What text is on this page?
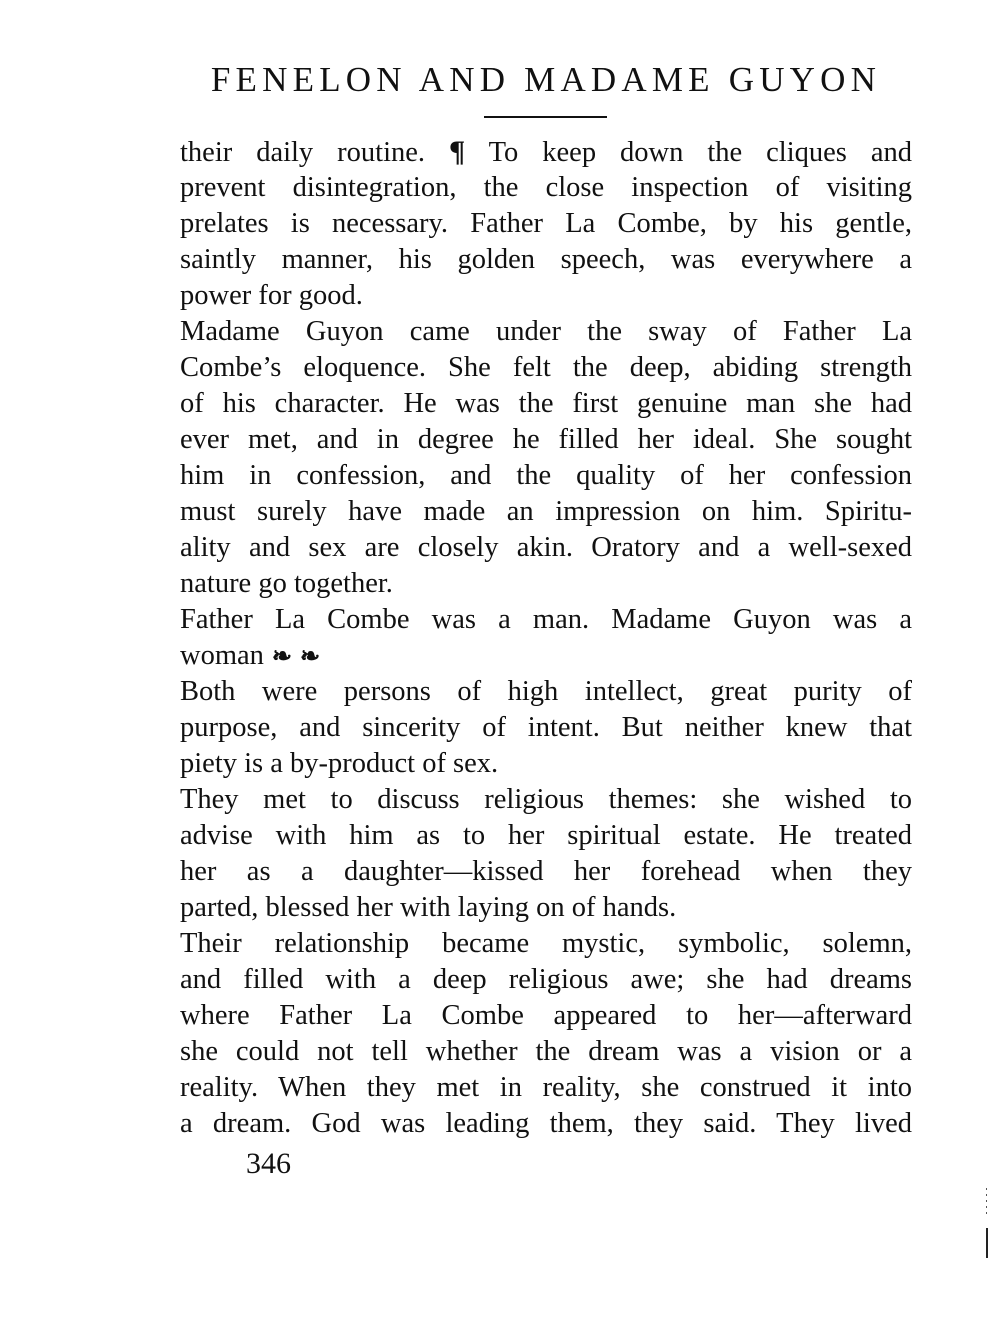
FENELON AND MADAME GUYON
their daily routine. ¶ To keep down the cliques and
prevent disintegration, the close inspection of visiting
prelates is necessary. Father La Combe, by his gentle,
saintly manner, his golden speech, was everywhere a
power for good.
Madame Guyon came under the sway of Father La
Combe’s eloquence. She felt the deep, abiding strength
of his character. He was the first genuine man she had
ever met, and in degree he filled her ideal. She sought
him in confession, and the quality of her confession
must surely have made an impression on him. Spiritu-
ality and sex are closely akin. Oratory and a well-sexed
nature go together.
Father La Combe was a man. Madame Guyon was a
woman ❧❧
Both were persons of high intellect, great purity of
purpose, and sincerity of intent. But neither knew that
piety is a by-product of sex.
They met to discuss religious themes: she wished to
advise with him as to her spiritual estate. He treated
her as a daughter—kissed her forehead when they
parted, blessed her with laying on of hands.
Their relationship became mystic, symbolic, solemn,
and filled with a deep religious awe; she had dreams
where Father La Combe appeared to her—afterward
she could not tell whether the dream was a vision or a
reality. When they met in reality, she construed it into
a dream. God was leading them, they said. They lived
346
